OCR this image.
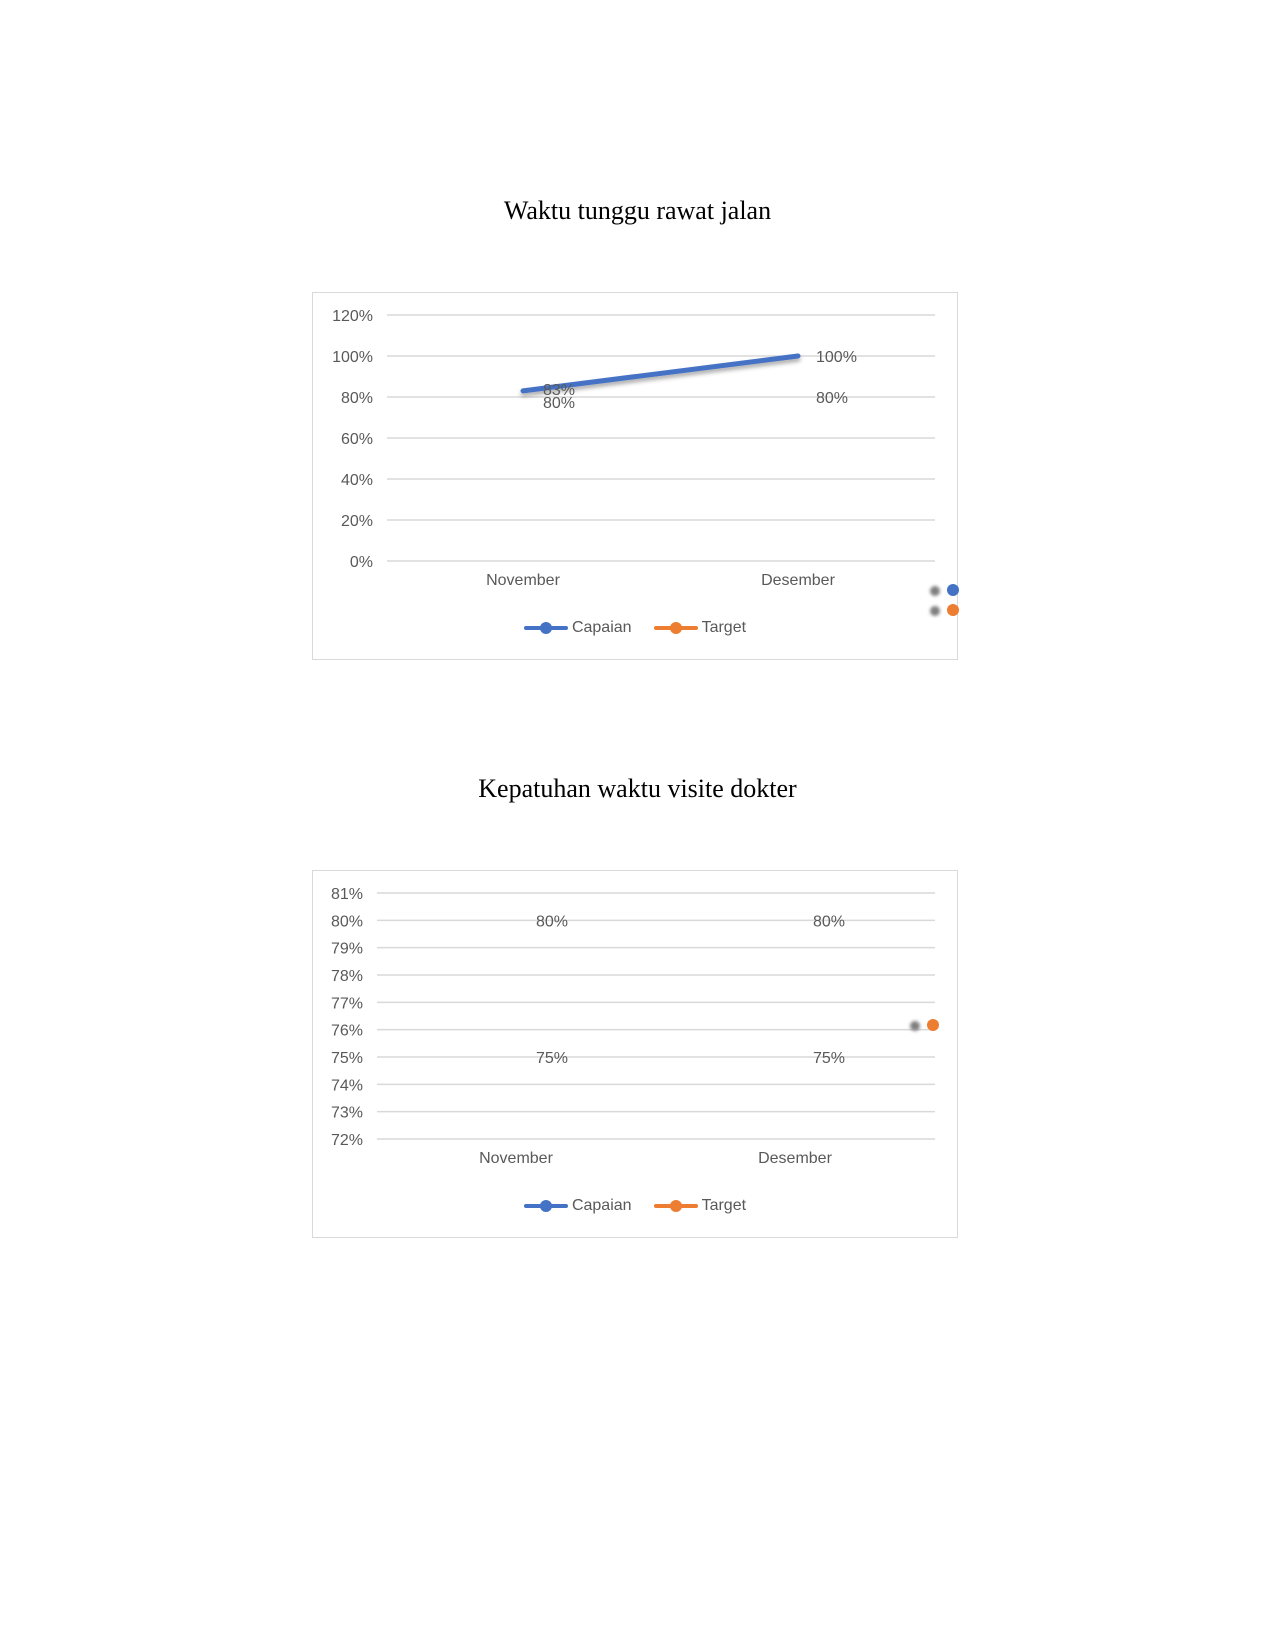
Waktu tunggu rawat jalan
0%
20%
40%
60%
80%
100%
120%
November	Desember
83%
100%
80%	80%
Capaian	Target
Kepatuhan waktu visite dokter
72%
73%
74%
75%
76%
77%
78%
79%
80%
81%
November	Desember
75%	75%
80%	80%
Capaian	Target
